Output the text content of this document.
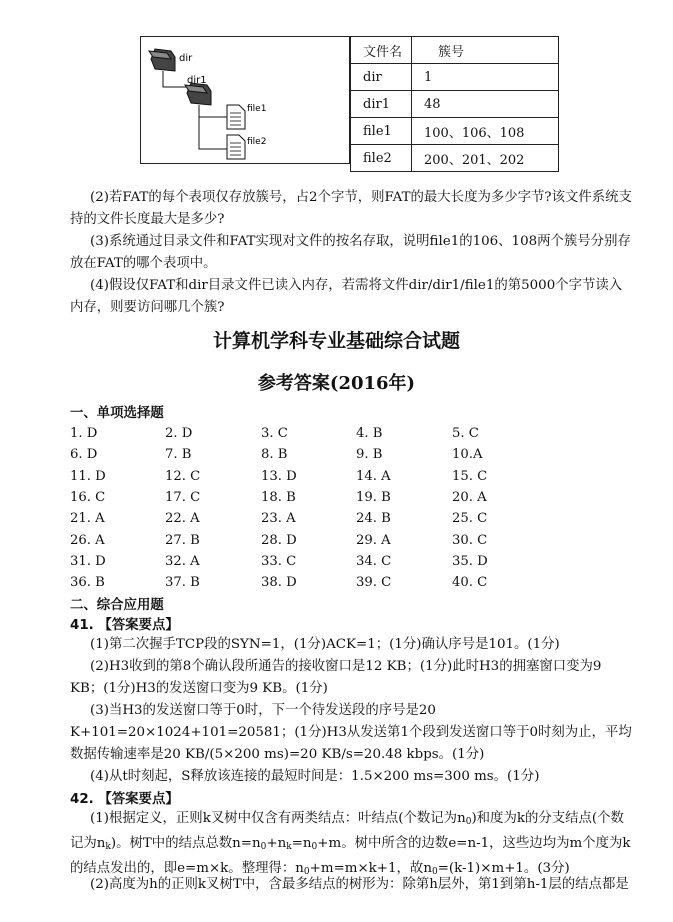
dir
dir1
file1
file2
文件名	簇号
dir	1
dir1	48
file1	100、106、108
file2	200、201、202
(2)若FAT的每个表项仅存放簇号，占2个字节，则FAT的最大长度为多少字节?该文件系统支持的文件长度最大是多少?
(3)系统通过目录文件和FAT实现对文件的按名存取，说明file1的106、108两个簇号分别存放在FAT的哪个表项中。
(4)假设仅FAT和dir目录文件已读入内存，若需将文件dir/dir1/file1的第5000个字节读入内存，则要访问哪几个簇?
计算机学科专业基础综合试题
参考答案(2016年)
一、单项选择题
1. D	2. D	3. C	4. B	5. C
6. D	7. B	8. B	9. B	10.A
11. D	12. C	13. D	14. A	15. C
16. C	17. C	18. B	19. B	20. A
21. A	22. A	23. A	24. B	25. C
26. A	27. B	28. D	29. A	30. C
31. D	32. A	33. C	34. C	35. D
36. B	37. B	38. D	39. C	40. C
二、综合应用题
41. 【答案要点】
(1)第二次握手TCP段的SYN=1，(1分)ACK=1；(1分)确认序号是101。(1分)
(2)H3收到的第8个确认段所通告的接收窗口是12 KB；(1分)此时H3的拥塞窗口变为9 KB；(1分)H3的发送窗口变为9 KB。(1分)
(3)当H3的发送窗口等于0时，下一个待发送段的序号是20 K+101=20×1024+101=20581；(1分)H3从发送第1个段到发送窗口等于0时刻为止，平均数据传输速率是20 KB/(5×200 ms)=20 KB/s=20.48 kbps。(1分)
(4)从t时刻起，S释放该连接的最短时间是：1.5×200 ms=300 ms。(1分)
42. 【答案要点】
(1)根据定义，正则k叉树中仅含有两类结点：叶结点(个数记为$n_0$)和度为k的分支结点(个数记为$n_k$)。树T中的结点总数$n=n_0+n_k=n_0+m$。树中所含的边数e=n-1，这些边均为m个度为k的结点发出的，即e=m×k。整理得：$n_0+m=m\times k+1$，故$n_0=(k-1)\times m+1$。(3分)
(2)高度为h的正则k叉树T中，含最多结点的树形为：除第h层外，第1到第h-1层的结点都是
